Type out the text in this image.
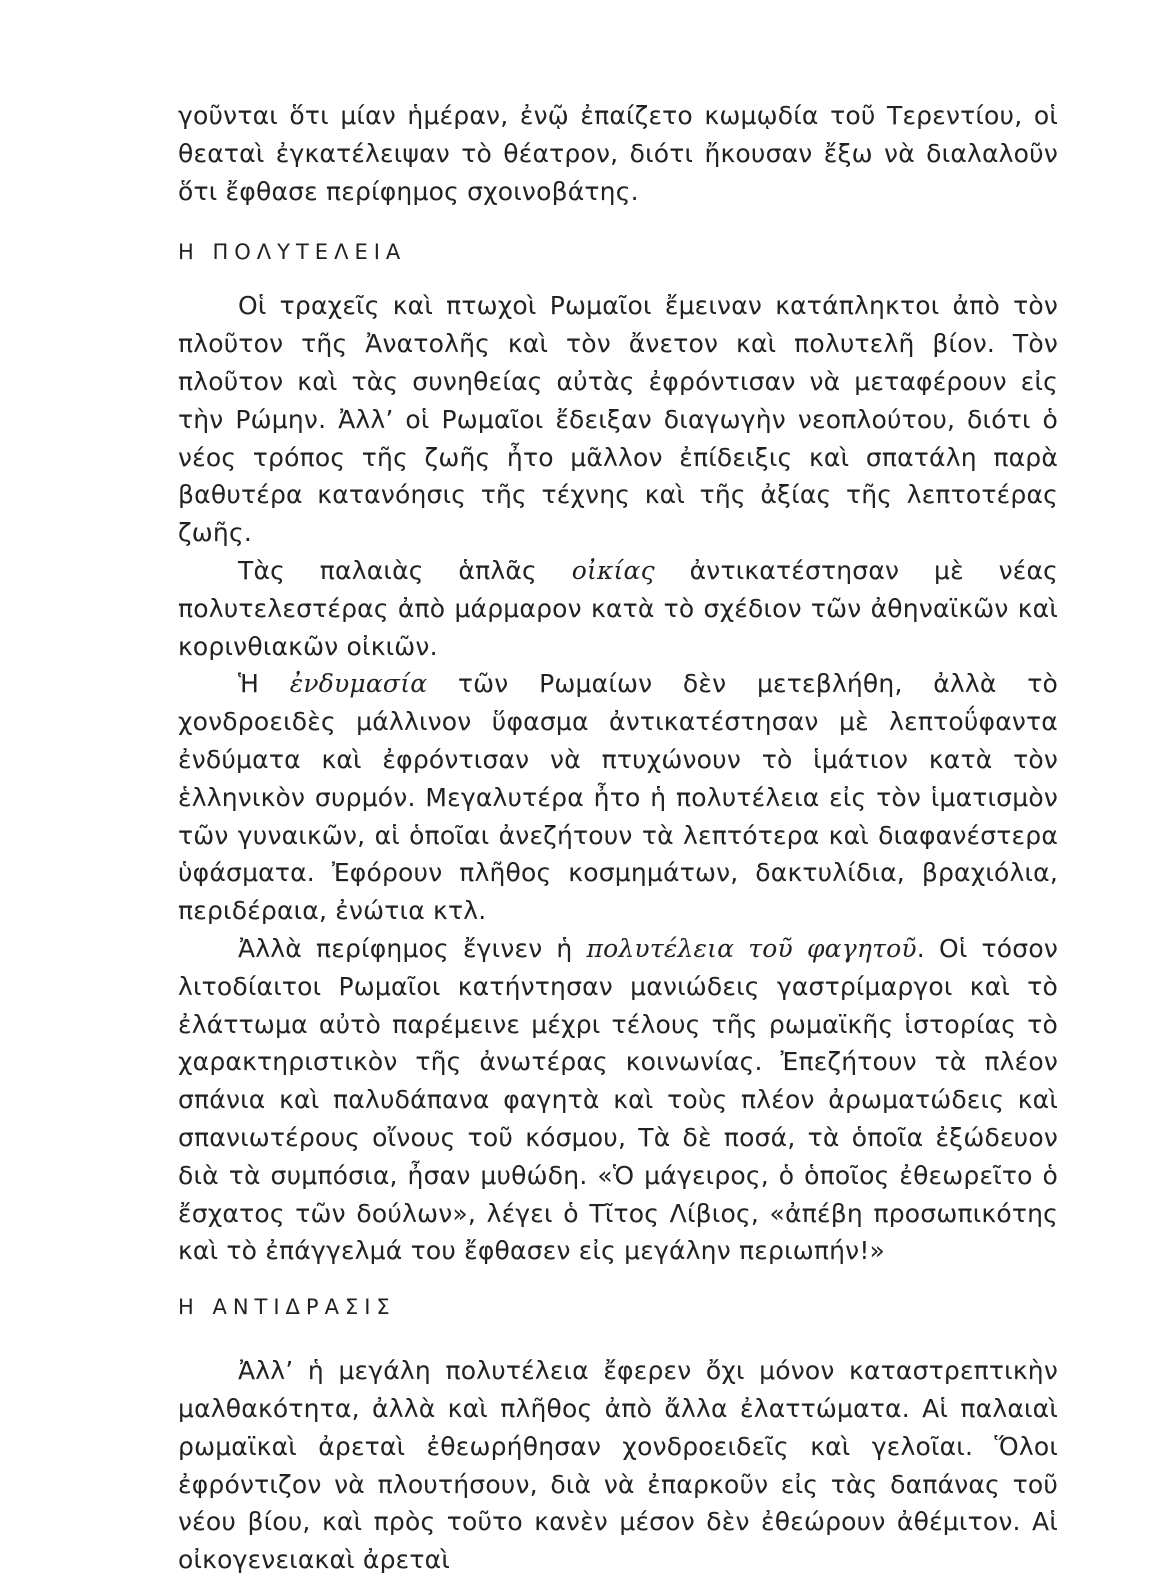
γοῦνται ὅτι μίαν ἡμέραν, ἐνῷ ἐπαίζετο κωμῳδία τοῦ Τερεντίου, οἱ θεαταὶ ἐγκατέλειψαν τὸ θέατρον, διότι ἤκουσαν ἔξω νὰ διαλαλοῦν ὅτι ἔφθασε περίφημος σχοινοβάτης.

Η ΠΟΛΥΤΕΛΕΙΑ

Οἱ τραχεῖς καὶ πτωχοὶ Ρωμαῖοι ἔμειναν κατάπληκτοι ἀπὸ τὸν πλοῦτον τῆς Ἀνατολῆς καὶ τὸν ἄνετον καὶ πολυτελῆ βίον. Τὸν πλοῦτον καὶ τὰς συνηθείας αὐτὰς ἐφρόντισαν νὰ μεταφέρουν εἰς τὴν Ρώμην. Ἀλλ’ οἱ Ρωμαῖοι ἔδειξαν διαγωγὴν νεοπλούτου, διότι ὁ νέος τρόπος τῆς ζωῆς ἦτο μᾶλλον ἐπίδειξις καὶ σπατάλη παρὰ βαθυτέρα κατανόησις τῆς τέχνης καὶ τῆς ἀξίας τῆς λεπτοτέρας ζωῆς.

Τὰς παλαιὰς ἁπλᾶς οἰκίας ἀντικατέστησαν μὲ νέας πολυτελεστέρας ἀπὸ μάρμαρον κατὰ τὸ σχέδιον τῶν ἀθηναϊκῶν καὶ κορινθιακῶν οἰκιῶν.

Ἡ ἐνδυμασία τῶν Ρωμαίων δὲν μετεβλήθη, ἀλλὰ τὸ χονδροειδὲς μάλλινον ὕφασμα ἀντικατέστησαν μὲ λεπτοΰφαντα ἐνδύματα καὶ ἐφρόντισαν νὰ πτυχώνουν τὸ ἱμάτιον κατὰ τὸν ἑλληνικὸν συρμόν. Μεγαλυτέρα ἦτο ἡ πολυτέλεια εἰς τὸν ἱματισμὸν τῶν γυναικῶν, αἱ ὁποῖαι ἀνεζήτουν τὰ λεπτότερα καὶ διαφανέστερα ὑφάσματα. Ἐφόρουν πλῆθος κοσμημάτων, δακτυλίδια, βραχιόλια, περιδέραια, ἐνώτια κτλ.

Ἀλλὰ περίφημος ἔγινεν ἡ πολυτέλεια τοῦ φαγητοῦ. Οἱ τόσον λιτοδίαιτοι Ρωμαῖοι κατήντησαν μανιώδεις γαστρίμαργοι καὶ τὸ ἐλάττωμα αὐτὸ παρέμεινε μέχρι τέλους τῆς ρωμαϊκῆς ἱστορίας τὸ χαρακτηριστικὸν τῆς ἀνωτέρας κοινωνίας. Ἐπεζήτουν τὰ πλέον σπάνια καὶ παλυδάπανα φαγητὰ καὶ τοὺς πλέον ἀρωματώδεις καὶ σπανιωτέρους οἴνους τοῦ κόσμου, Τὰ δὲ ποσά, τὰ ὁποῖα ἐξώδευον διὰ τὰ συμπόσια, ἦσαν μυθώδη. «Ὁ μάγειρος, ὁ ὁποῖος ἐθεωρεῖτο ὁ ἔσχατος τῶν δούλων», λέγει ὁ Τῖτος Λίβιος, «ἀπέβη προσωπικότης καὶ τὸ ἐπάγγελμά του ἔφθασεν εἰς μεγάλην περιωπήν!»

Η ΑΝΤΙΔΡΑΣΙΣ

Ἀλλ’ ἡ μεγάλη πολυτέλεια ἔφερεν ὄχι μόνον καταστρεπτικὴν μαλθακότητα, ἀλλὰ καὶ πλῆθος ἀπὸ ἄλλα ἐλαττώματα. Αἱ παλαιαὶ ρωμαϊκαὶ ἀρεταὶ ἐθεωρήθησαν χονδροειδεῖς καὶ γελοῖαι. Ὅλοι ἐφρόντιζον νὰ πλουτήσουν, διὰ νὰ ἐπαρκοῦν εἰς τὰς δαπάνας τοῦ νέου βίου, καὶ πρὸς τοῦτο κανὲν μέσον δὲν ἐθεώρουν ἀθέμιτον. Αἱ οἰκογενειακαὶ ἀρεταὶ
